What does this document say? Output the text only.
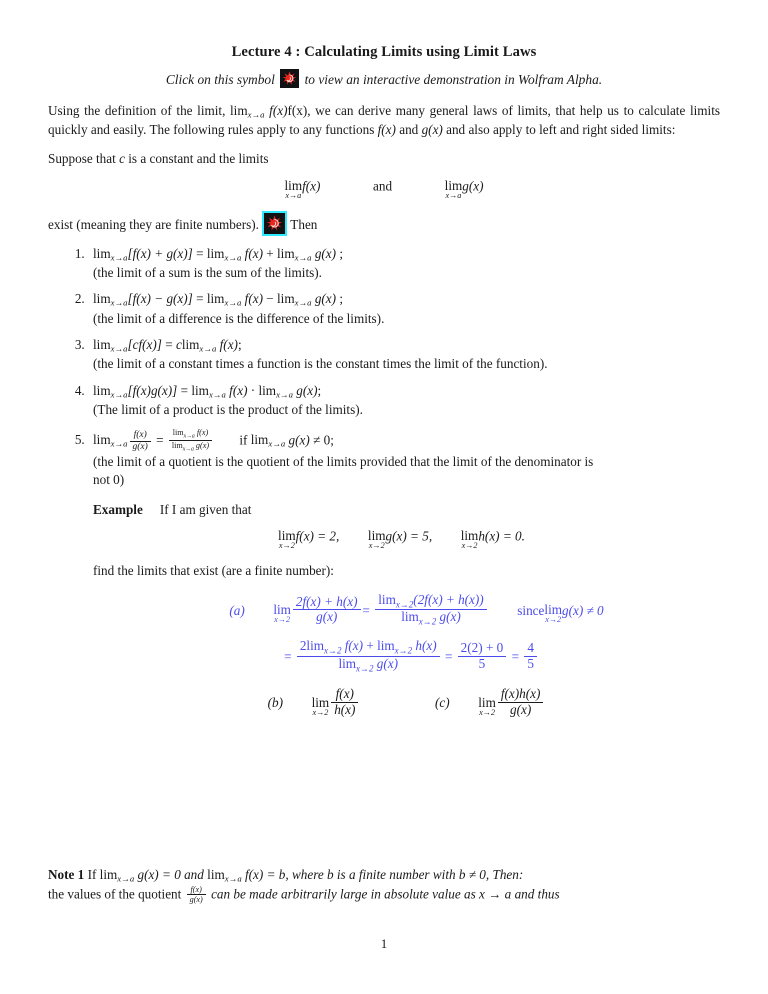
Lecture 4 : Calculating Limits using Limit Laws
Click on this symbol to view an interactive demonstration in Wolfram Alpha.
Using the definition of the limit, $\lim_{x\to a} f(x)f(x)$, we can derive many general laws of limits, that help us to calculate limits quickly and easily. The following rules apply to any functions f(x) and g(x) and also apply to left and right sided limits:
Suppose that c is a constant and the limits
lim
x→a
f(x)	and	lim
x→a
g(x)
exist (meaning they are finite numbers). Then
1. $\lim_{x\to a}[f(x) + g(x)] = \lim_{x\to a} f(x) + \lim_{x\to a} g(x)$ ;
(the limit of a sum is the sum of the limits).
2. $\lim_{x\to a}[f(x) - g(x)] = \lim_{x\to a} f(x) - \lim_{x\to a} g(x)$ ;
(the limit of a difference is the difference of the limits).
3. $\lim_{x\to a}[cf(x)] = clim_{x\to a}$ f(x);
(the limit of a constant times a function is the constant times the limit of the function).
4. $\lim_{x\to a}[f(x)g(x)] = \lim_{x\to a} f(x) \cdot \lim_{x\to a} g(x)$;
(The limit of a product is the product of the limits).
5. $\lim_{x\to a} \frac{f(x)}{g(x)} = \frac{\lim_{x\to a} f(x)}{\lim_{x\to a} g(x)}$ if $\lim_{x\to a} g(x) \ne 0$;
(the limit of a quotient is the quotient of the limits provided that the limit of the denominator is
not 0)
Example If I am given that
lim
x→2
f(x) = 2, lim
x→2
g(x) = 5, lim
x→2
h(x) = 0.
find the limits that exist (are a finite number):
(a) lim
$x\to 2 \frac{2f(x) + h(x)}{g(x)} = \frac{\lim_{x\to 2}(2f(x) + h(x))}{\lim_{x\to 2} g(x)}$ since lim
x→2
g(x) ≠ 0
= $\frac{2\lim_{x\to 2} f(x) + \lim_{x\to 2} h(x)}{\lim_{x\to 2} g(x)} = \frac{2(2) + 0}{5} = \frac{4}{5}$
(b) lim
$x\to 2 \frac{f(x)}{h(x)}$	(c) lim
$x\to 2 \frac{f(x)h(x)}{g(x)}$
Note 1 If $\lim_{x\to a} g(x) = 0$ and $\lim_{x\to a} f(x) = b$, where b is a finite number with b ≠ 0, Then:
the values of the quotient $\frac{f(x)}{g(x)}$ can be made arbitrarily large in absolute value as x → a and thus
1
